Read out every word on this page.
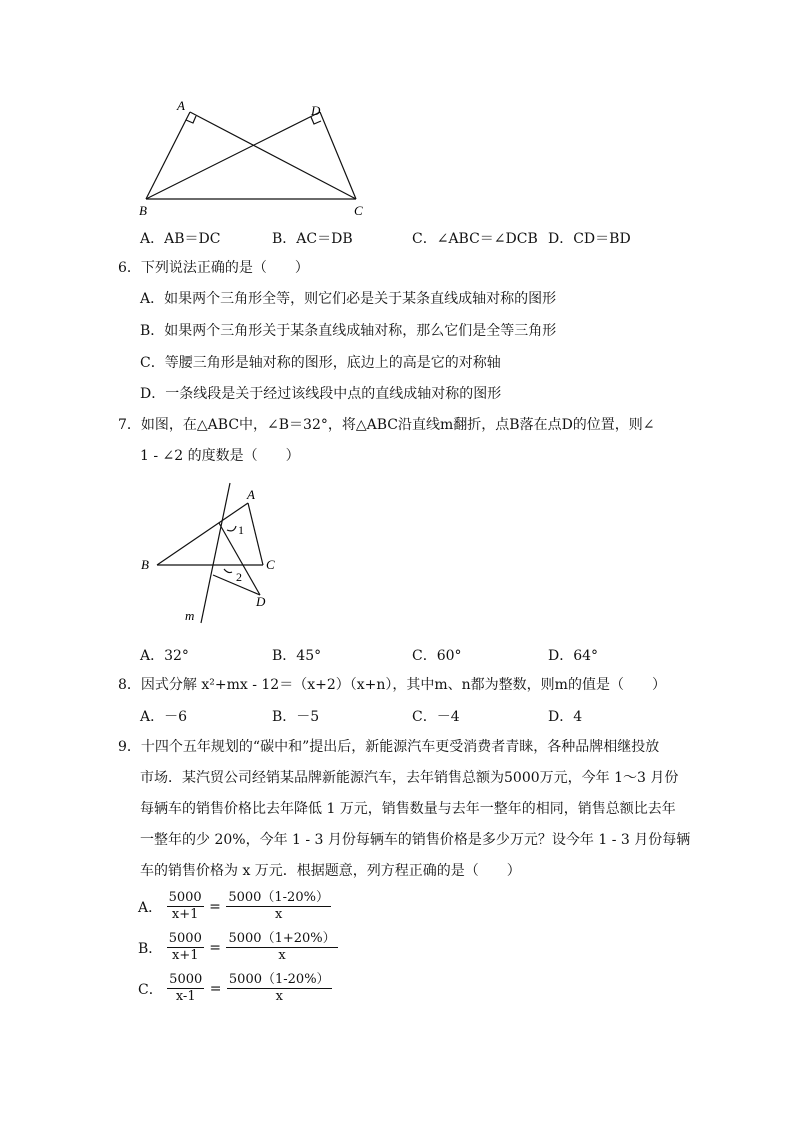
A	D
B	C
A．AB＝DC	B．AC＝DB	C．∠ABC＝∠DCB D．CD＝BD
6．下列说法正确的是（　　）
A．如果两个三角形全等，则它们必是关于某条直线成轴对称的图形
B．如果两个三角形关于某条直线成轴对称，那么它们是全等三角形
C．等腰三角形是轴对称的图形，底边上的高是它的对称轴
D．一条线段是关于经过该线段中点的直线成轴对称的图形
7．如图，在△ABC中，∠B＝32°，将△ABC沿直线m翻折，点B落在点D的位置，则∠
1 - ∠2 的度数是（　　）
A
1
B	C
2
D
m
A．32°	B．45°	C．60°	D．64°
8．因式分解 x²+mx - 12＝（x+2）（x+n），其中m、n都为整数，则m的值是（　　）
A．－6	B．－5	C．－4	D．4
9．十四个五年规划的“碳中和”提出后，新能源汽车更受消费者青睐，各种品牌相继投放
市场．某汽贸公司经销某品牌新能源汽车，去年销售总额为5000万元，今年 1～3 月份
每辆车的销售价格比去年降低 1 万元，销售数量与去年一整年的相同，销售总额比去年
一整年的少 20%，今年 1 - 3 月份每辆车的销售价格是多少万元？设今年 1 - 3 月份每辆
车的销售价格为 x 万元．根据题意，列方程正确的是（　　）
A． $\frac{5000}{x+1} = \frac{5000(1-20\%)}{x}$
B． $\frac{5000}{x+1} = \frac{5000(1+20\%)}{x}$
C． $\frac{5000}{x-1} = \frac{5000(1-20\%)}{x}$
